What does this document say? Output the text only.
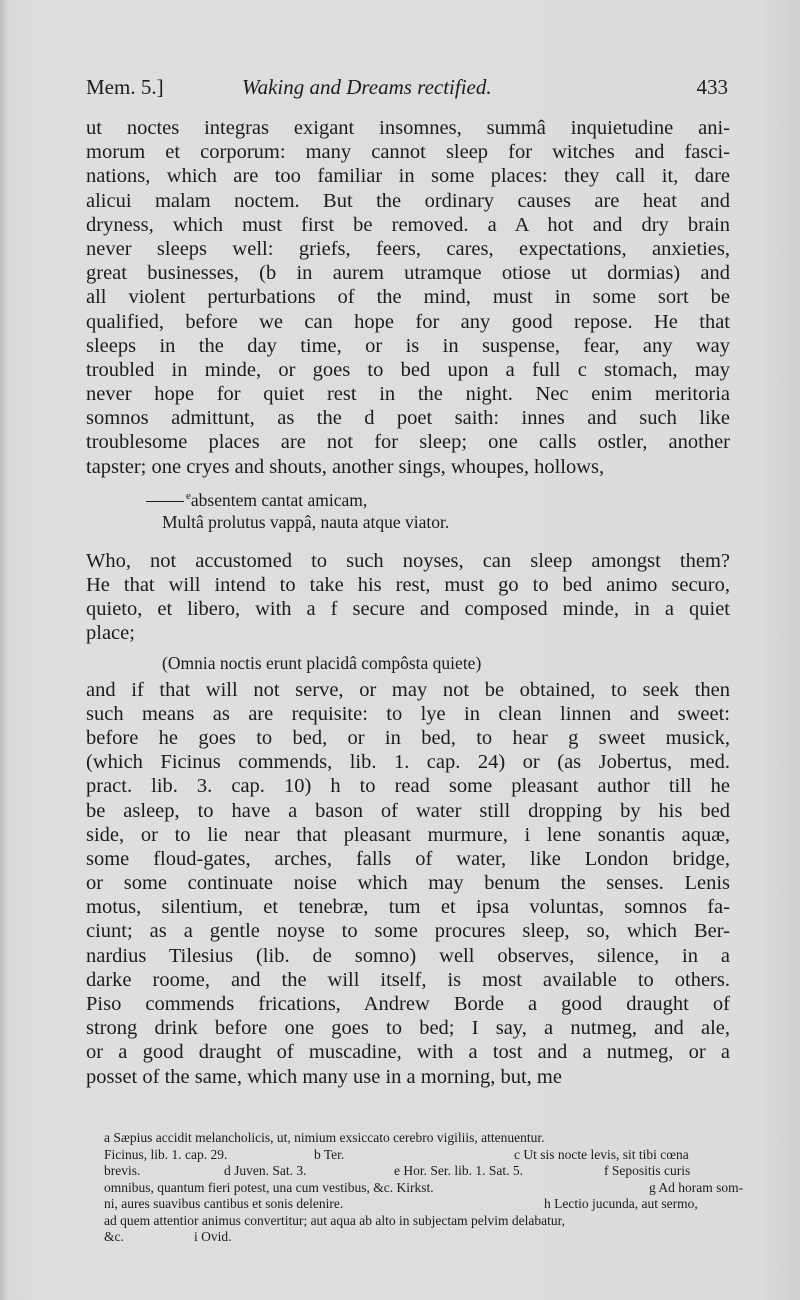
Mem. 5.]	Waking and Dreams rectified.	433
ut noctes integras exigant insomnes, summâ inquietudine ani-
morum et corporum: many cannot sleep for witches and fasci-
nations, which are too familiar in some places: they call it, dare
alicui malam noctem. But the ordinary causes are heat and
dryness, which must first be removed. a A hot and dry brain
never sleeps well: griefs, feers, cares, expectations, anxieties,
great businesses, (b in aurem utramque otiose ut dormias) and
all violent perturbations of the mind, must in some sort be
qualified, before we can hope for any good repose. He that
sleeps in the day time, or is in suspense, fear, any way
troubled in minde, or goes to bed upon a full c stomach, may
never hope for quiet rest in the night. Nec enim meritoria
somnos admittunt, as the d poet saith: innes and such like
troublesome places are not for sleep; one calls ostler, another
tapster; one cryes and shouts, another sings, whoupes, hollows,
$^e$absentem cantat amicam,
Multâ prolutus vappâ, nauta atque viator.
Who, not accustomed to such noyses, can sleep amongst them?
He that will intend to take his rest, must go to bed animo securo,
quieto, et libero, with a f secure and composed minde, in a quiet
place;
(Omnia noctis erunt placidâ compôsta quiete)
and if that will not serve, or may not be obtained, to seek then
such means as are requisite: to lye in clean linnen and sweet:
before he goes to bed, or in bed, to hear g sweet musick,
(which Ficinus commends, lib. 1. cap. 24) or (as Jobertus, med.
pract. lib. 3. cap. 10) h to read some pleasant author till he
be asleep, to have a bason of water still dropping by his bed
side, or to lie near that pleasant murmure, i lene sonantis aquæ,
some floud-gates, arches, falls of water, like London bridge,
or some continuate noise which may benum the senses. Lenis
motus, silentium, et tenebræ, tum et ipsa voluntas, somnos fa-
ciunt; as a gentle noyse to some procures sleep, so, which Ber-
nardius Tilesius (lib. de somno) well observes, silence, in a
darke roome, and the will itself, is most available to others.
Piso commends frications, Andrew Borde a good draught of
strong drink before one goes to bed; I say, a nutmeg, and ale,
or a good draught of muscadine, with a tost and a nutmeg, or a
posset of the same, which many use in a morning, but, me
a Sæpius accidit melancholicis, ut, nimium exsiccato cerebro vigiliis, attenuentur.
Ficinus, lib. 1. cap. 29.	b Ter.	c Ut sis nocte levis, sit tibi cœna
brevis.	d Juven. Sat. 3.	e Hor. Ser. lib. 1. Sat. 5.	f Sepositis curis
omnibus, quantum fieri potest, una cum vestibus, &c. Kirkst.	g Ad horam som-
ni, aures suavibus cantibus et sonis delenire.	h Lectio jucunda, aut sermo,
ad quem attentior animus convertitur; aut aqua ab alto in subjectam pelvim delabatur,
&c.	i Ovid.
